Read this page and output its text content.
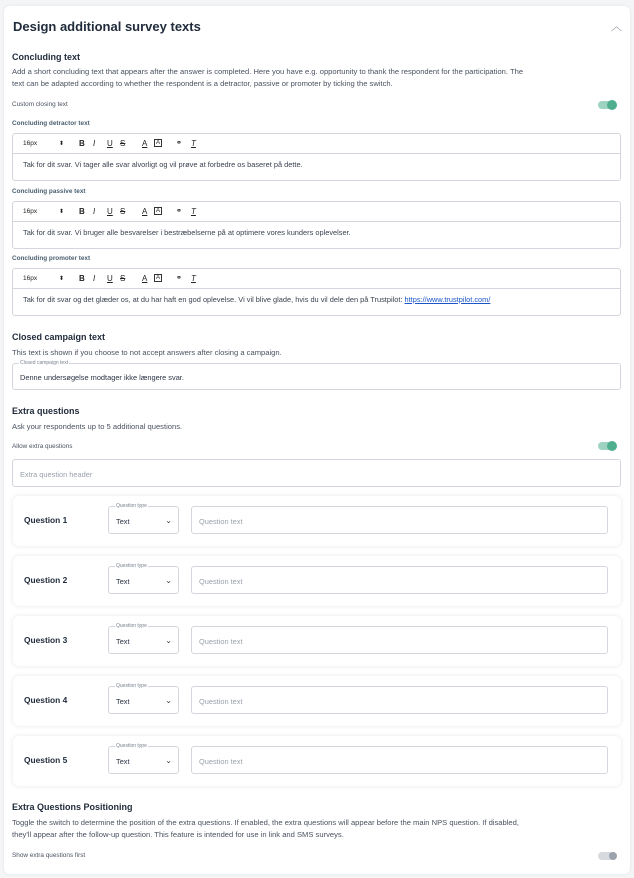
Design additional survey texts	︿
Concluding text
Add a short concluding text that appears after the answer is completed. Here you have e.g. opportunity to thank the respondent for the participation. The
text can be adapted according to whether the respondent is a detractor, passive or promoter by ticking the switch.
Custom closing text
Concluding detractor text
16px	⬍ B I U S A	A ⚭ T
Tak for dit svar. Vi tager alle svar alvorligt og vil prøve at forbedre os baseret på dette.
Concluding passive text
16px	⬍ B I U S A	A ⚭ T
Tak for dit svar. Vi bruger alle besvarelser i bestræbelserne på at optimere vores kunders oplevelser.
Concluding promoter text
16px	⬍ B I U S A	A ⚭ T
Tak for dit svar og det glæder os, at du har haft en god oplevelse. Vi vil blive glade, hvis du vil dele den på Trustpilot: https://www.trustpilot.com/
Closed campaign text
This text is shown if you choose to not accept answers after closing a campaign.
Closed campaign text
Denne undersøgelse modtager ikke længere svar.
Extra questions
Ask your respondents up to 5 additional questions.
Allow extra questions
Extra question header
Question 1
Question type
Text	⌄	Question text
Question 2
Question type
Text	⌄	Question text
Question 3
Question type
Text	⌄	Question text
Question 4
Question type
Text	⌄	Question text
Question 5
Question type
Text	⌄	Question text
Extra Questions Positioning
Toggle the switch to determine the position of the extra questions. If enabled, the extra questions will appear before the main NPS question. If disabled,
they'll appear after the follow-up question. This feature is intended for use in link and SMS surveys.
Show extra questions first
